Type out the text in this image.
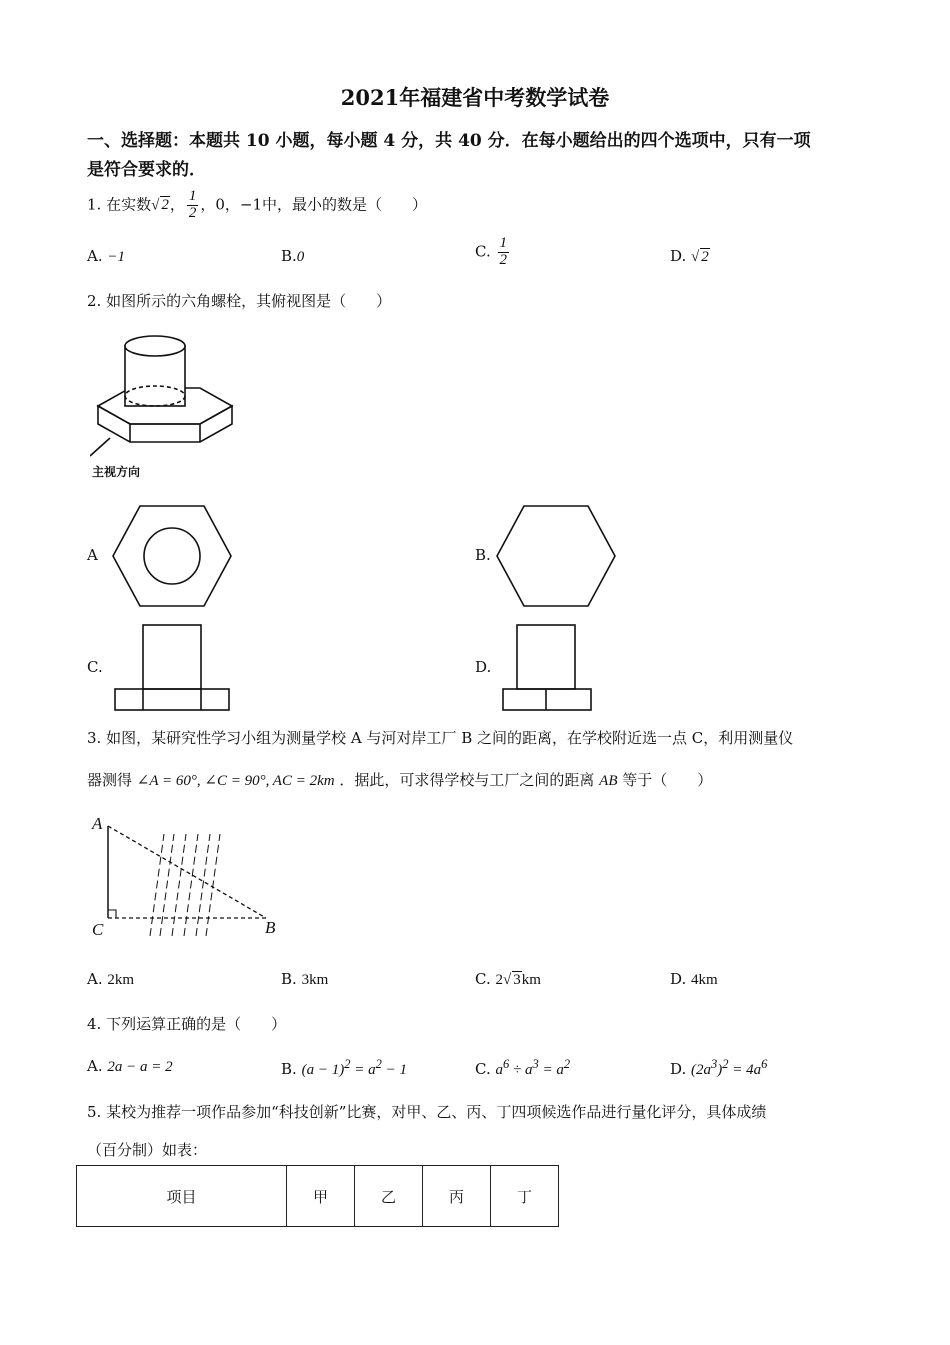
2021年福建省中考数学试卷
一、选择题：本题共 10 小题，每小题 4 分，共 40 分．在每小题给出的四个选项中，只有一项
是符合要求的．
1. 在实数√ 2， $\frac{1}{2}$ ，0，−1中，最小的数是（　　）
A. −1	B.0	C. $\frac{1}{2}$	D. √ 2
2. 如图所示的六角螺栓，其俯视图是（　　）
主视方向
A	B.
C.	D.
3. 如图，某研究性学习小组为测量学校 A 与河对岸工厂 B 之间的距离，在学校附近选一点 C，利用测量仪
器测得 ∠A = 60°, ∠C = 90°, AC = 2km ．据此，可求得学校与工厂之间的距离 AB 等于（　　）
A
B
C
A. 2km	B. 3km	C. 2√ 3km	D. 4km
4. 下列运算正确的是（　　）
A. 2a − a = 2	B. $(a - 1)^2 = a^2 - 1$	C. $a^6 \div a^3 = a^2$	D. $(2a^3)^2 = 4a^6$
5. 某校为推荐一项作品参加“科技创新”比赛，对甲、乙、丙、丁四项候选作品进行量化评分，具体成绩
（百分制）如表：
项目	甲	乙	丙	丁
